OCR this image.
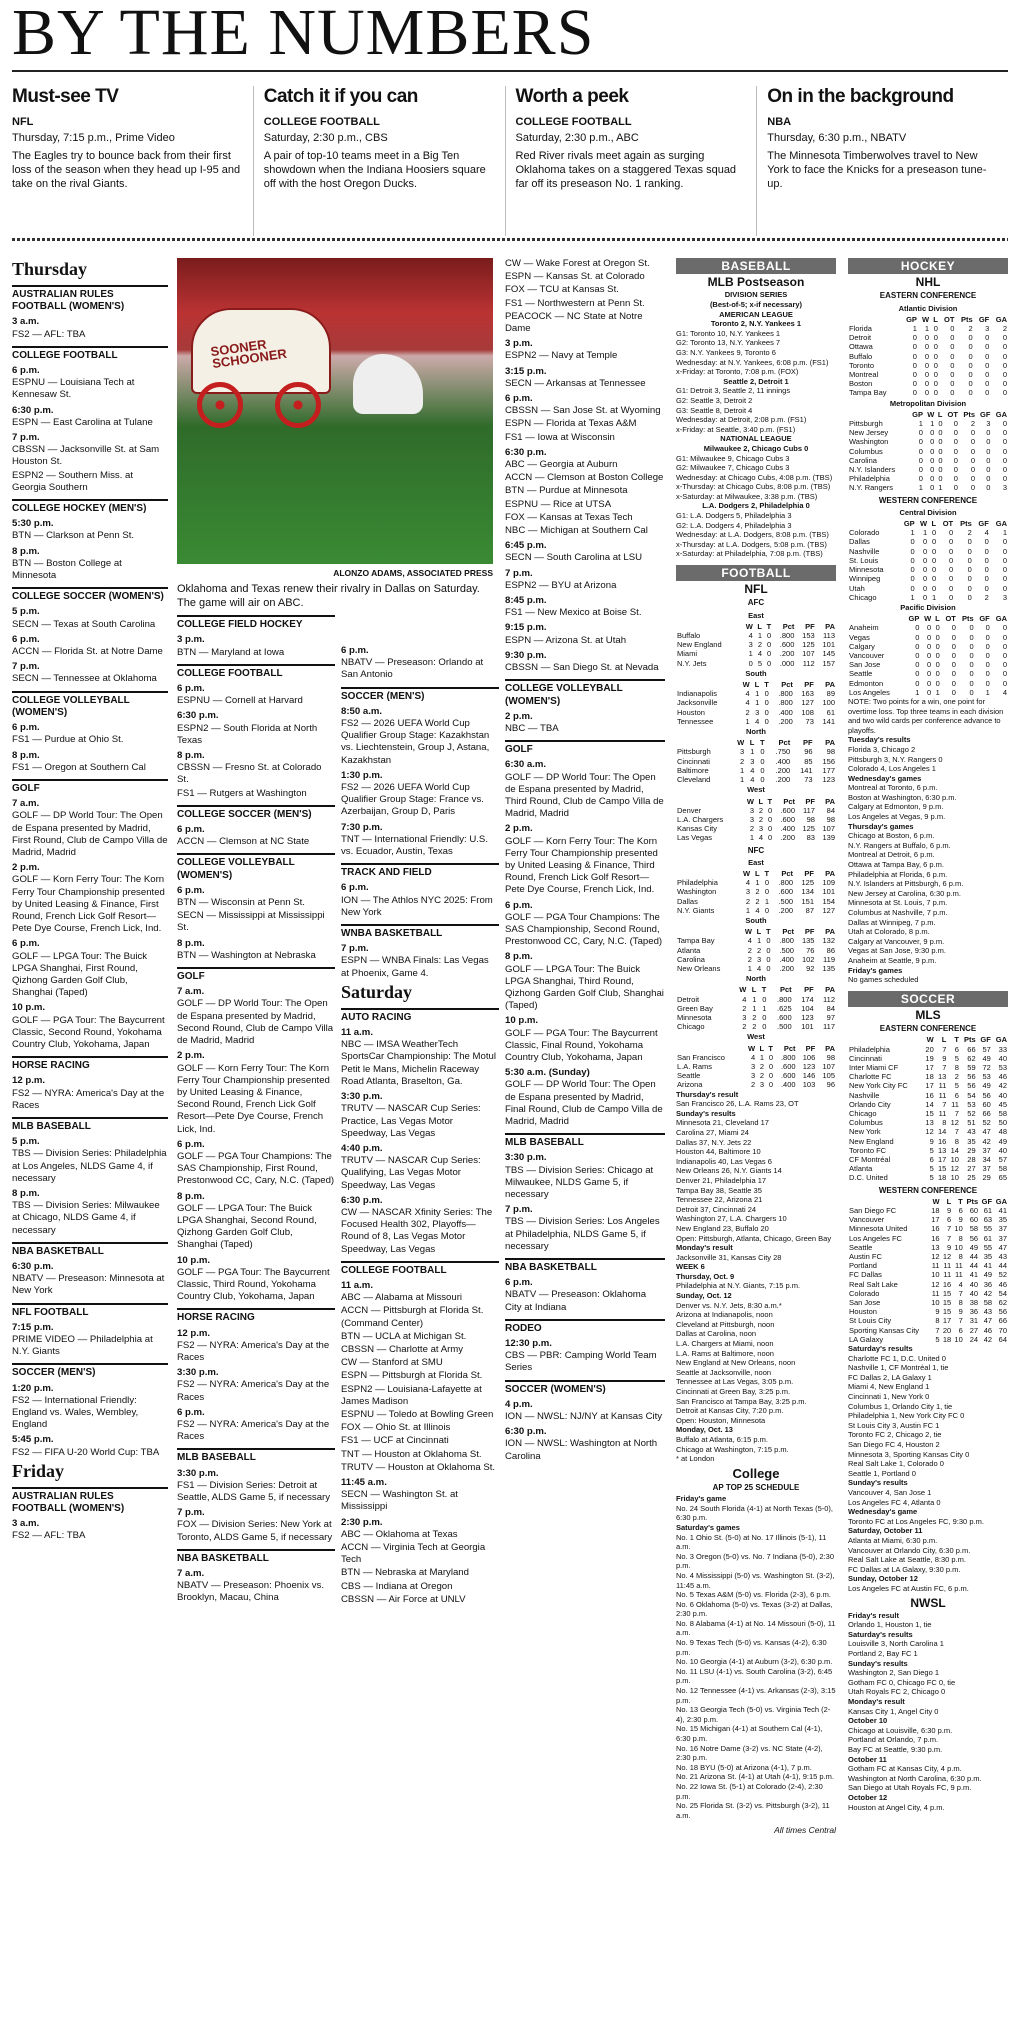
BY THE NUMBERS
Must-see TV
NFL
Thursday, 7:15 p.m., Prime Video
The Eagles try to bounce back from their first loss of the season when they head up I-95 and take on the rival Giants.
Catch it if you can
COLLEGE FOOTBALL
Saturday, 2:30 p.m., CBS
A pair of top-10 teams meet in a Big Ten showdown when the Indiana Hoosiers square off with the host Oregon Ducks.
Worth a peek
COLLEGE FOOTBALL
Saturday, 2:30 p.m., ABC
Red River rivals meet again as surging Oklahoma takes on a staggered Texas squad far off its preseason No. 1 ranking.
On in the background
NBA
Thursday, 6:30 p.m., NBATV
The Minnesota Timberwolves travel to New York to face the Knicks for a preseason tune-up.
Thursday
AUSTRALIAN RULES FOOTBALL (WOMEN'S)
3 a.m.
FS2 — AFL: TBA
COLLEGE FOOTBALL
6 p.m.
ESPNU — Louisiana Tech at Kennesaw St.
6:30 p.m.
ESPN — East Carolina at Tulane
7 p.m.
CBSSN — Jacksonville St. at Sam Houston St.
ESPN2 — Southern Miss. at Georgia Southern
COLLEGE HOCKEY (MEN'S)
5:30 p.m.
BTN — Clarkson at Penn St.
8 p.m.
BTN — Boston College at Minnesota
COLLEGE SOCCER (WOMEN'S)
5 p.m.
SECN — Texas at South Carolina
6 p.m.
ACCN — Florida St. at Notre Dame
7 p.m.
SECN — Tennessee at Oklahoma
COLLEGE VOLLEYBALL (WOMEN'S)
6 p.m.
FS1 — Purdue at Ohio St.
8 p.m.
FS1 — Oregon at Southern Cal
GOLF
7 a.m.
GOLF — DP World Tour: The Open de Espana presented by Madrid, First Round, Club de Campo Villa de Madrid, Madrid
2 p.m.
GOLF — Korn Ferry Tour: The Korn Ferry Tour Championship presented by United Leasing & Finance, First Round, French Lick Golf Resort—Pete Dye Course, French Lick, Ind.
6 p.m.
GOLF — LPGA Tour: The Buick LPGA Shanghai, First Round, Qizhong Garden Golf Club, Shanghai (Taped)
10 p.m.
GOLF — PGA Tour: The Baycurrent Classic, Second Round, Yokohama Country Club, Yokohama, Japan
HORSE RACING
12 p.m.
FS2 — NYRA: America's Day at the Races
MLB BASEBALL
5 p.m.
TBS — Division Series: Philadelphia at Los Angeles, NLDS Game 4, if necessary
8 p.m.
TBS — Division Series: Milwaukee at Chicago, NLDS Game 4, if necessary
NBA BASKETBALL
6:30 p.m.
NBATV — Preseason: Minnesota at New York
NFL FOOTBALL
7:15 p.m.
PRIME VIDEO — Philadelphia at N.Y. Giants
SOCCER (MEN'S)
1:20 p.m.
FS2 — International Friendly: England vs. Wales, Wembley, England
5:45 p.m.
FS2 — FIFA U-20 World Cup: TBA
Friday
AUSTRALIAN RULES FOOTBALL (WOMEN'S)
3 a.m.
FS2 — AFL: TBA
SOONER SCHOONER
ALONZO ADAMS, ASSOCIATED PRESS
Oklahoma and Texas renew their rivalry in Dallas on Saturday. The game will air on ABC.
COLLEGE FIELD HOCKEY
3 p.m.
BTN — Maryland at Iowa
COLLEGE FOOTBALL
6 p.m.
ESPNU — Cornell at Harvard
6:30 p.m.
ESPN2 — South Florida at North Texas
8 p.m.
CBSSN — Fresno St. at Colorado St.
FS1 — Rutgers at Washington
COLLEGE SOCCER (MEN'S)
6 p.m.
ACCN — Clemson at NC State
COLLEGE VOLLEYBALL (WOMEN'S)
6 p.m.
BTN — Wisconsin at Penn St.
SECN — Mississippi at Mississippi St.
8 p.m.
BTN — Washington at Nebraska
GOLF
7 a.m.
GOLF — DP World Tour: The Open de Espana presented by Madrid, Second Round, Club de Campo Villa de Madrid, Madrid
2 p.m.
GOLF — Korn Ferry Tour: The Korn Ferry Tour Championship presented by United Leasing & Finance, Second Round, French Lick Golf Resort—Pete Dye Course, French Lick, Ind.
6 p.m.
GOLF — PGA Tour Champions: The SAS Championship, First Round, Prestonwood CC, Cary, N.C. (Taped)
8 p.m.
GOLF — LPGA Tour: The Buick LPGA Shanghai, Second Round, Qizhong Garden Golf Club, Shanghai (Taped)
10 p.m.
GOLF — PGA Tour: The Baycurrent Classic, Third Round, Yokohama Country Club, Yokohama, Japan
HORSE RACING
12 p.m.
FS2 — NYRA: America's Day at the Races
3:30 p.m.
FS2 — NYRA: America's Day at the Races
6 p.m.
FS2 — NYRA: America's Day at the Races
MLB BASEBALL
3:30 p.m.
FS1 — Division Series: Detroit at Seattle, ALDS Game 5, if necessary
7 p.m.
FOX — Division Series: New York at Toronto, ALDS Game 5, if necessary
NBA BASKETBALL
7 a.m.
NBATV — Preseason: Phoenix vs. Brooklyn, Macau, China
6 p.m.
NBATV — Preseason: Orlando at San Antonio
SOCCER (MEN'S)
8:50 a.m.
FS2 — 2026 UEFA World Cup Qualifier Group Stage: Kazakhstan vs. Liechtenstein, Group J, Astana, Kazakhstan
1:30 p.m.
FS2 — 2026 UEFA World Cup Qualifier Group Stage: France vs. Azerbaijan, Group D, Paris
7:30 p.m.
TNT — International Friendly: U.S. vs. Ecuador, Austin, Texas
TRACK AND FIELD
6 p.m.
ION — The Athlos NYC 2025: From New York
WNBA BASKETBALL
7 p.m.
ESPN — WNBA Finals: Las Vegas at Phoenix, Game 4.
Saturday
AUTO RACING
11 a.m.
NBC — IMSA WeatherTech SportsCar Championship: The Motul Petit le Mans, Michelin Raceway Road Atlanta, Braselton, Ga.
3:30 p.m.
TRUTV — NASCAR Cup Series: Practice, Las Vegas Motor Speedway, Las Vegas
4:40 p.m.
TRUTV — NASCAR Cup Series: Qualifying, Las Vegas Motor Speedway, Las Vegas
6:30 p.m.
CW — NASCAR Xfinity Series: The Focused Health 302, Playoffs—Round of 8, Las Vegas Motor Speedway, Las Vegas
COLLEGE FOOTBALL
11 a.m.
ABC — Alabama at Missouri
ACCN — Pittsburgh at Florida St. (Command Center)
BTN — UCLA at Michigan St.
CBSSN — Charlotte at Army
CW — Stanford at SMU
ESPN — Pittsburgh at Florida St.
ESPN2 — Louisiana-Lafayette at James Madison
ESPNU — Toledo at Bowling Green
FOX — Ohio St. at Illinois
FS1 — UCF at Cincinnati
TNT — Houston at Oklahoma St.
TRUTV — Houston at Oklahoma St.
11:45 a.m.
SECN — Washington St. at Mississippi
2:30 p.m.
ABC — Oklahoma at Texas
ACCN — Virginia Tech at Georgia Tech
BTN — Nebraska at Maryland
CBS — Indiana at Oregon
CBSSN — Air Force at UNLV
CW — Wake Forest at Oregon St.
ESPN — Kansas St. at Colorado
FOX — TCU at Kansas St.
FS1 — Northwestern at Penn St.
PEACOCK — NC State at Notre Dame
3 p.m.
ESPN2 — Navy at Temple
3:15 p.m.
SECN — Arkansas at Tennessee
6 p.m.
CBSSN — San Jose St. at Wyoming
ESPN — Florida at Texas A&M
FS1 — Iowa at Wisconsin
6:30 p.m.
ABC — Georgia at Auburn
ACCN — Clemson at Boston College
BTN — Purdue at Minnesota
ESPNU — Rice at UTSA
FOX — Kansas at Texas Tech
NBC — Michigan at Southern Cal
6:45 p.m.
SECN — South Carolina at LSU
7 p.m.
ESPN2 — BYU at Arizona
8:45 p.m.
FS1 — New Mexico at Boise St.
9:15 p.m.
ESPN — Arizona St. at Utah
9:30 p.m.
CBSSN — San Diego St. at Nevada
COLLEGE VOLLEYBALL (WOMEN'S)
2 p.m.
NBC — TBA
GOLF
6:30 a.m.
GOLF — DP World Tour: The Open de Espana presented by Madrid, Third Round, Club de Campo Villa de Madrid, Madrid
2 p.m.
GOLF — Korn Ferry Tour: The Korn Ferry Tour Championship presented by United Leasing & Finance, Third Round, French Lick Golf Resort—Pete Dye Course, French Lick, Ind.
6 p.m.
GOLF — PGA Tour Champions: The SAS Championship, Second Round, Prestonwood CC, Cary, N.C. (Taped)
8 p.m.
GOLF — LPGA Tour: The Buick LPGA Shanghai, Third Round, Qizhong Garden Golf Club, Shanghai (Taped)
10 p.m.
GOLF — PGA Tour: The Baycurrent Classic, Final Round, Yokohama Country Club, Yokohama, Japan
5:30 a.m. (Sunday)
GOLF — DP World Tour: The Open de Espana presented by Madrid, Final Round, Club de Campo Villa de Madrid, Madrid
MLB BASEBALL
3:30 p.m.
TBS — Division Series: Chicago at Milwaukee, NLDS Game 5, if necessary
7 p.m.
TBS — Division Series: Los Angeles at Philadelphia, NLDS Game 5, if necessary
NBA BASKETBALL
6 p.m.
NBATV — Preseason: Oklahoma City at Indiana
RODEO
12:30 p.m.
CBS — PBR: Camping World Team Series
SOCCER (WOMEN'S)
4 p.m.
ION — NWSL: NJ/NY at Kansas City
6:30 p.m.
ION — NWSL: Washington at North Carolina
BASEBALL
MLB Postseason
DIVISION SERIES
(Best-of-5; x-if necessary)
AMERICAN LEAGUE
Toronto 2, N.Y. Yankees 1
G1: Toronto 10, N.Y. Yankees 1
G2: Toronto 13, N.Y. Yankees 7
G3: N.Y. Yankees 9, Toronto 6
Wednesday: at N.Y. Yankees, 6:08 p.m. (FS1)
x-Friday: at Toronto, 7:08 p.m. (FOX)
Seattle 2, Detroit 1
G1: Detroit 3, Seattle 2, 11 innings
G2: Seattle 3, Detroit 2
G3: Seattle 8, Detroit 4
Wednesday: at Detroit, 2:08 p.m. (FS1)
x-Friday: at Seattle, 3:40 p.m. (FS1)
NATIONAL LEAGUE
Milwaukee 2, Chicago Cubs 0
G1: Milwaukee 9, Chicago Cubs 3
G2: Milwaukee 7, Chicago Cubs 3
Wednesday: at Chicago Cubs, 4:08 p.m. (TBS)
x-Thursday: at Chicago Cubs, 8:08 p.m. (TBS)
x-Saturday: at Milwaukee, 3:38 p.m. (TBS)
L.A. Dodgers 2, Philadelphia 0
G1: L.A. Dodgers 5, Philadelphia 3
G2: L.A. Dodgers 4, Philadelphia 3
Wednesday: at L.A. Dodgers, 8:08 p.m. (TBS)
x-Thursday: at L.A. Dodgers, 5:08 p.m. (TBS)
x-Saturday: at Philadelphia, 7:08 p.m. (TBS)
FOOTBALL
NFL
AFC
East
	W	L	T	Pct	PF	PA
Buffalo	4	1	0	.800	153	113
New England	3	2	0	.600	125	101
Miami	1	4	0	.200	107	145
N.Y. Jets	0	5	0	.000	112	157
South
	W	L	T	Pct	PF	PA
Indianapolis	4	1	0	.800	163	89
Jacksonville	4	1	0	.800	127	100
Houston	2	3	0	.400	108	61
Tennessee	1	4	0	.200	73	141
North
	W	L	T	Pct	PF	PA
Pittsburgh	3	1	0	.750	96	98
Cincinnati	2	3	0	.400	85	156
Baltimore	1	4	0	.200	141	177
Cleveland	1	4	0	.200	73	123
West
	W	L	T	Pct	PF	PA
Denver	3	2	0	.600	117	84
L.A. Chargers	3	2	0	.600	98	98
Kansas City	2	3	0	.400	125	107
Las Vegas	1	4	0	.200	83	139
NFC
East
	W	L	T	Pct	PF	PA
Philadelphia	4	1	0	.800	125	109
Washington	3	2	0	.600	134	101
Dallas	2	2	1	.500	151	154
N.Y. Giants	1	4	0	.200	87	127
South
	W	L	T	Pct	PF	PA
Tampa Bay	4	1	0	.800	135	132
Atlanta	2	2	0	.500	76	86
Carolina	2	3	0	.400	102	119
New Orleans	1	4	0	.200	92	135
North
	W	L	T	Pct	PF	PA
Detroit	4	1	0	.800	174	112
Green Bay	2	1	1	.625	104	84
Minnesota	3	2	0	.600	123	97
Chicago	2	2	0	.500	101	117
West
	W	L	T	Pct	PF	PA
San Francisco	4	1	0	.800	106	98
L.A. Rams	3	2	0	.600	123	107
Seattle	3	2	0	.600	146	105
Arizona	2	3	0	.400	103	96
Thursday's result
San Francisco 26, L.A. Rams 23, OT
Sunday's results
Minnesota 21, Cleveland 17
Carolina 27, Miami 24
Dallas 37, N.Y. Jets 22
Houston 44, Baltimore 10
Indianapolis 40, Las Vegas 6
New Orleans 26, N.Y. Giants 14
Denver 21, Philadelphia 17
Tampa Bay 38, Seattle 35
Tennessee 22, Arizona 21
Detroit 37, Cincinnati 24
Washington 27, L.A. Chargers 10
New England 23, Buffalo 20
Open: Pittsburgh, Atlanta, Chicago, Green Bay
Monday's result
Jacksonville 31, Kansas City 28
WEEK 6
Thursday, Oct. 9
Philadelphia at N.Y. Giants, 7:15 p.m.
Sunday, Oct. 12
Denver vs. N.Y. Jets, 8:30 a.m.*
Arizona at Indianapolis, noon
Cleveland at Pittsburgh, noon
Dallas at Carolina, noon
L.A. Chargers at Miami, noon
L.A. Rams at Baltimore, noon
New England at New Orleans, noon
Seattle at Jacksonville, noon
Tennessee at Las Vegas, 3:05 p.m.
Cincinnati at Green Bay, 3:25 p.m.
San Francisco at Tampa Bay, 3:25 p.m.
Detroit at Kansas City, 7:20 p.m.
Open: Houston, Minnesota
Monday, Oct. 13
Buffalo at Atlanta, 6:15 p.m.
Chicago at Washington, 7:15 p.m.
* at London
College
AP TOP 25 SCHEDULE
Friday's game
No. 24 South Florida (4-1) at North Texas (5-0), 6:30 p.m.
Saturday's games
No. 1 Ohio St. (5-0) at No. 17 Illinois (5-1), 11 a.m.
No. 3 Oregon (5-0) vs. No. 7 Indiana (5-0), 2:30 p.m.
No. 4 Mississippi (5-0) vs. Washington St. (3-2), 11:45 a.m.
No. 5 Texas A&M (5-0) vs. Florida (2-3), 6 p.m.
No. 6 Oklahoma (5-0) vs. Texas (3-2) at Dallas, 2:30 p.m.
No. 8 Alabama (4-1) at No. 14 Missouri (5-0), 11 a.m.
No. 9 Texas Tech (5-0) vs. Kansas (4-2), 6:30 p.m.
No. 10 Georgia (4-1) at Auburn (3-2), 6:30 p.m.
No. 11 LSU (4-1) vs. South Carolina (3-2), 6:45 p.m.
No. 12 Tennessee (4-1) vs. Arkansas (2-3), 3:15 p.m.
No. 13 Georgia Tech (5-0) vs. Virginia Tech (2-4), 2:30 p.m.
No. 15 Michigan (4-1) at Southern Cal (4-1), 6:30 p.m.
No. 16 Notre Dame (3-2) vs. NC State (4-2), 2:30 p.m.
No. 18 BYU (5-0) at Arizona (4-1), 7 p.m.
No. 21 Arizona St. (4-1) at Utah (4-1), 9:15 p.m.
No. 22 Iowa St. (5-1) at Colorado (2-4), 2:30 p.m.
No. 25 Florida St. (3-2) vs. Pittsburgh (3-2), 11 a.m.
All times Central
HOCKEY
NHL
EASTERN CONFERENCE
Atlantic Division
	GP	W	L	OT	Pts	GF	GA
Florida	1	1	0	0	2	3	2
Detroit	0	0	0	0	0	0	0
Ottawa	0	0	0	0	0	0	0
Buffalo	0	0	0	0	0	0	0
Toronto	0	0	0	0	0	0	0
Montreal	0	0	0	0	0	0	0
Boston	0	0	0	0	0	0	0
Tampa Bay	0	0	0	0	0	0	0
Metropolitan Division
	GP	W	L	OT	Pts	GF	GA
Pittsburgh	1	1	0	0	2	3	0
New Jersey	0	0	0	0	0	0	0
Washington	0	0	0	0	0	0	0
Columbus	0	0	0	0	0	0	0
Carolina	0	0	0	0	0	0	0
N.Y. Islanders	0	0	0	0	0	0	0
Philadelphia	0	0	0	0	0	0	0
N.Y. Rangers	1	0	1	0	0	0	3
WESTERN CONFERENCE
Central Division
	GP	W	L	OT	Pts	GF	GA
Colorado	1	1	0	0	2	4	1
Dallas	0	0	0	0	0	0	0
Nashville	0	0	0	0	0	0	0
St. Louis	0	0	0	0	0	0	0
Minnesota	0	0	0	0	0	0	0
Winnipeg	0	0	0	0	0	0	0
Utah	0	0	0	0	0	0	0
Chicago	1	0	1	0	0	2	3
Pacific Division
	GP	W	L	OT	Pts	GF	GA
Anaheim	0	0	0	0	0	0	0
Vegas	0	0	0	0	0	0	0
Calgary	0	0	0	0	0	0	0
Vancouver	0	0	0	0	0	0	0
San Jose	0	0	0	0	0	0	0
Seattle	0	0	0	0	0	0	0
Edmonton	0	0	0	0	0	0	0
Los Angeles	1	0	1	0	0	1	4
NOTE: Two points for a win, one point for overtime loss. Top three teams in each division and two wild cards per conference advance to playoffs.
Tuesday's results
Florida 3, Chicago 2
Pittsburgh 3, N.Y. Rangers 0
Colorado 4, Los Angeles 1
Wednesday's games
Montreal at Toronto, 6 p.m.
Boston at Washington, 6:30 p.m.
Calgary at Edmonton, 9 p.m.
Los Angeles at Vegas, 9 p.m.
Thursday's games
Chicago at Boston, 6 p.m.
N.Y. Rangers at Buffalo, 6 p.m.
Montreal at Detroit, 6 p.m.
Ottawa at Tampa Bay, 6 p.m.
Philadelphia at Florida, 6 p.m.
N.Y. Islanders at Pittsburgh, 6 p.m.
New Jersey at Carolina, 6:30 p.m.
Minnesota at St. Louis, 7 p.m.
Columbus at Nashville, 7 p.m.
Dallas at Winnipeg, 7 p.m.
Utah at Colorado, 8 p.m.
Calgary at Vancouver, 9 p.m.
Vegas at San Jose, 9:30 p.m.
Anaheim at Seattle, 9 p.m.
Friday's games
No games scheduled
SOCCER
MLS
EASTERN CONFERENCE
	W	L	T	Pts	GF	GA
Philadelphia	20	7	6	66	57	33
Cincinnati	19	9	5	62	49	40
Inter Miami CF	17	7	8	59	72	53
Charlotte FC	18	13	2	56	53	46
New York City FC	17	11	5	56	49	42
Nashville	16	11	6	54	56	40
Orlando City	14	7	11	53	60	45
Chicago	15	11	7	52	66	58
Columbus	13	8	12	51	52	50
New York	12	14	7	43	47	48
New England	9	16	8	35	42	49
Toronto FC	5	13	14	29	37	40
CF Montréal	6	17	10	28	34	57
Atlanta	5	15	12	27	37	58
D.C. United	5	18	10	25	29	65
WESTERN CONFERENCE
	W	L	T	Pts	GF	GA
San Diego FC	18	9	6	60	61	41
Vancouver	17	6	9	60	63	35
Minnesota United	16	7	10	58	55	37
Los Angeles FC	16	7	8	56	61	37
Seattle	13	9	10	49	55	47
Austin FC	12	12	8	44	35	43
Portland	11	11	11	44	41	44
FC Dallas	10	11	11	41	49	52
Real Salt Lake	12	16	4	40	36	46
Colorado	11	15	7	40	42	54
San Jose	10	15	8	38	58	62
Houston	9	15	9	36	43	56
St Louis City	8	17	7	31	47	66
Sporting Kansas City	7	20	6	27	46	70
LA Galaxy	5	18	10	24	42	64
Saturday's results
Charlotte FC 1, D.C. United 0
Nashville 1, CF Montréal 1, tie
FC Dallas 2, LA Galaxy 1
Miami 4, New England 1
Cincinnati 1, New York 0
Columbus 1, Orlando City 1, tie
Philadelphia 1, New York City FC 0
St Louis City 3, Austin FC 1
Toronto FC 2, Chicago 2, tie
San Diego FC 4, Houston 2
Minnesota 3, Sporting Kansas City 0
Real Salt Lake 1, Colorado 0
Seattle 1, Portland 0
Sunday's results
Vancouver 4, San Jose 1
Los Angeles FC 4, Atlanta 0
Wednesday's game
Toronto FC at Los Angeles FC, 9:30 p.m.
Saturday, October 11
Atlanta at Miami, 6:30 p.m.
Vancouver at Orlando City, 6:30 p.m.
Real Salt Lake at Seattle, 8:30 p.m.
FC Dallas at LA Galaxy, 9:30 p.m.
Sunday, October 12
Los Angeles FC at Austin FC, 6 p.m.
NWSL
Friday's result
Orlando 1, Houston 1, tie
Saturday's results
Louisville 3, North Carolina 1
Portland 2, Bay FC 1
Sunday's results
Washington 2, San Diego 1
Gotham FC 0, Chicago FC 0, tie
Utah Royals FC 2, Chicago 0
Monday's result
Kansas City 1, Angel City 0
October 10
Chicago at Louisville, 6:30 p.m.
Portland at Orlando, 7 p.m.
Bay FC at Seattle, 9:30 p.m.
October 11
Gotham FC at Kansas City, 4 p.m.
Washington at North Carolina, 6:30 p.m.
San Diego at Utah Royals FC, 9 p.m.
October 12
Houston at Angel City, 4 p.m.
